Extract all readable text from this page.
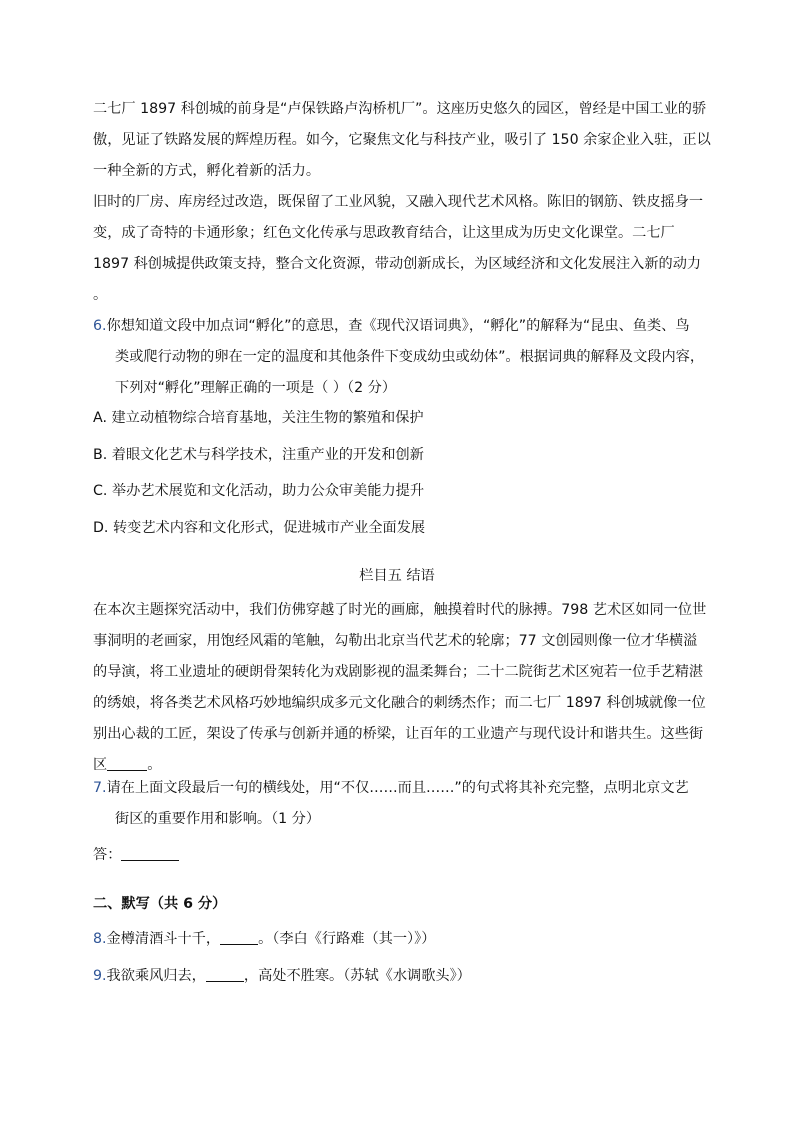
二七厂 1897 科创城的前身是“卢保铁路卢沟桥机厂”。这座历史悠久的园区，曾经是中国工业的骄
傲，见证了铁路发展的辉煌历程。如今，它聚焦文化与科技产业，吸引了 150 余家企业入驻，正以
一种全新的方式，孵化着新的活力。
旧时的厂房、库房经过改造，既保留了工业风貌，又融入现代艺术风格。陈旧的钢筋、铁皮摇身一
变，成了奇特的卡通形象；红色文化传承与思政教育结合，让这里成为历史文化课堂。二七厂
1897 科创城提供政策支持，整合文化资源，带动创新成长，为区域经济和文化发展注入新的动力
。
6.你想知道文段中加点词“孵化”的意思，查《现代汉语词典》，“孵化”的解释为“昆虫、鱼类、鸟
类或爬行动物的卵在一定的温度和其他条件下变成幼虫或幼体”。根据词典的解释及文段内容，
下列对“孵化”理解正确的一项是（ ）（2 分）
A. 建立动植物综合培育基地，关注生物的繁殖和保护
B. 着眼文化艺术与科学技术，注重产业的开发和创新
C. 举办艺术展览和文化活动，助力公众审美能力提升
D. 转变艺术内容和文化形式，促进城市产业全面发展
栏目五 结语
在本次主题探究活动中，我们仿佛穿越了时光的画廊，触摸着时代的脉搏。798 艺术区如同一位世
事洞明的老画家，用饱经风霜的笔触，勾勒出北京当代艺术的轮廓；77 文创园则像一位才华横溢
的导演，将工业遗址的硬朗骨架转化为戏剧影视的温柔舞台；二十二院街艺术区宛若一位手艺精湛
的绣娘，将各类艺术风格巧妙地编织成多元文化融合的刺绣杰作；而二七厂 1897 科创城就像一位
别出心裁的工匠，架设了传承与创新并通的桥梁，让百年的工业遗产与现代设计和谐共生。这些街
区	。
7.请在上面文段最后一句的横线处，用“不仅……而且……”的句式将其补充完整，点明北京文艺
街区的重要作用和影响。（1 分）
答：
二、默写（共 6 分）
8.金樽清酒斗十千，	。（李白《行路难（其一）》）
9.我欲乘风归去，	，高处不胜寒。（苏轼《水调歌头》）
